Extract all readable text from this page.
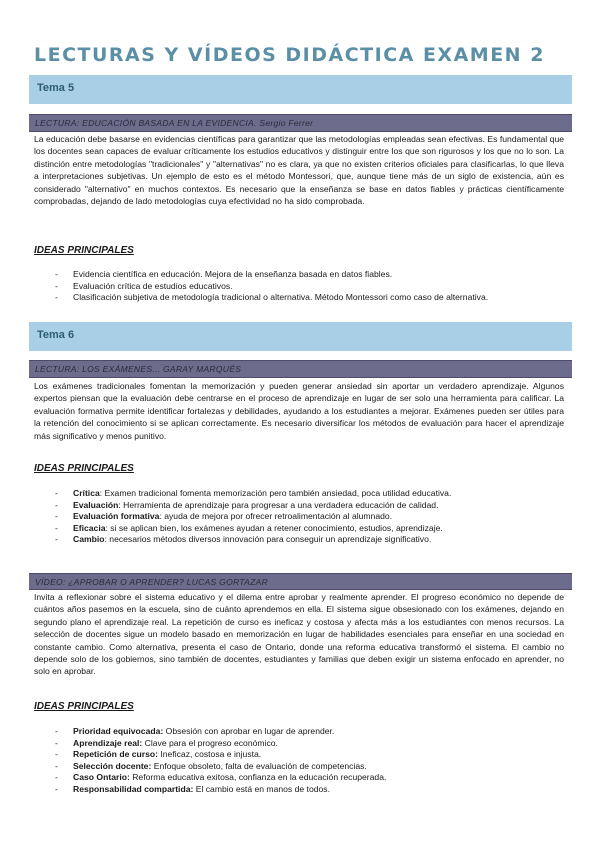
LECTURAS Y VÍDEOS DIDÁCTICA EXAMEN 2
Tema 5
LECTURA: EDUCACIÓN BASADA EN LA EVIDENCIA. Sergio Ferrer

La educación debe basarse en evidencias científicas para garantizar que las metodologías empleadas sean efectivas. Es fundamental que los docentes sean capaces de evaluar críticamente los estudios educativos y distinguir entre los que son rigurosos y los que no lo son. La distinción entre metodologías "tradicionales" y "alternativas" no es clara, ya que no existen criterios oficiales para clasificarlas, lo que lleva a interpretaciones subjetivas. Un ejemplo de esto es el método Montessori, que, aunque tiene más de un siglo de existencia, aún es considerado "alternativo" en muchos contextos. Es necesario que la enseñanza se base en datos fiables y prácticas científicamente comprobadas, dejando de lado metodologías cuya efectividad no ha sido comprobada.

IDEAS PRINCIPALES
- Evidencia científica en educación. Mejora de la enseñanza basada en datos fiables.
- Evaluación crítica de estudios educativos.
- Clasificación subjetiva de metodología tradicional o alternativa. Método Montessori como caso de alternativa.
Tema 6
LECTURA: LOS EXÁMENES... GARAY MARQUÉS

Los exámenes tradicionales fomentan la memorización y pueden generar ansiedad sin aportar un verdadero aprendizaje. Algunos expertos piensan que la evaluación debe centrarse en el proceso de aprendizaje en lugar de ser solo una herramienta para calificar. La evaluación formativa permite identificar fortalezas y debilidades, ayudando a los estudiantes a mejorar. Exámenes pueden ser útiles para la retención del conocimiento si se aplican correctamente. Es necesario diversificar los métodos de evaluación para hacer el aprendizaje más significativo y menos punitivo.

IDEAS PRINCIPALES
- Crítica: Examen tradicional fomenta memorización pero también ansiedad, poca utilidad educativa.
- Evaluación: Herramienta de aprendizaje para progresar a una verdadera educación de calidad.
- Evaluación formativa: ayuda de mejora por ofrecer retroalimentación al alumnado.
- Eficacia: si se aplican bien, los exámenes ayudan a retener conocimiento, estudios, aprendizaje.
- Cambio: necesarios métodos diversos innovación para conseguir un aprendizaje significativo.
VÍDEO: ¿APROBAR O APRENDER? LUCAS GORTAZAR

Invita a reflexionar sobre el sistema educativo y el dilema entre aprobar y realmente aprender. El progreso económico no depende de cuántos años pasemos en la escuela, sino de cuánto aprendemos en ella. El sistema sigue obsesionado con los exámenes, dejando en segundo plano el aprendizaje real. La repetición de curso es ineficaz y costosa y afecta más a los estudiantes con menos recursos. La selección de docentes sigue un modelo basado en memorización en lugar de habilidades esenciales para enseñar en una sociedad en constante cambio. Como alternativa, presenta el caso de Ontario, donde una reforma educativa transformó el sistema. El cambio no depende solo de los gobiernos, sino también de docentes, estudiantes y familias que deben exigir un sistema enfocado en aprender, no solo en aprobar.

IDEAS PRINCIPALES
- Prioridad equivocada: Obsesión con aprobar en lugar de aprender.
- Aprendizaje real: Clave para el progreso económico.
- Repetición de curso: Ineficaz, costosa e injusta.
- Selección docente: Enfoque obsoleto, falta de evaluación de competencias.
- Caso Ontario: Reforma educativa exitosa, confianza en la educación recuperada.
- Responsabilidad compartida: El cambio está en manos de todos.
